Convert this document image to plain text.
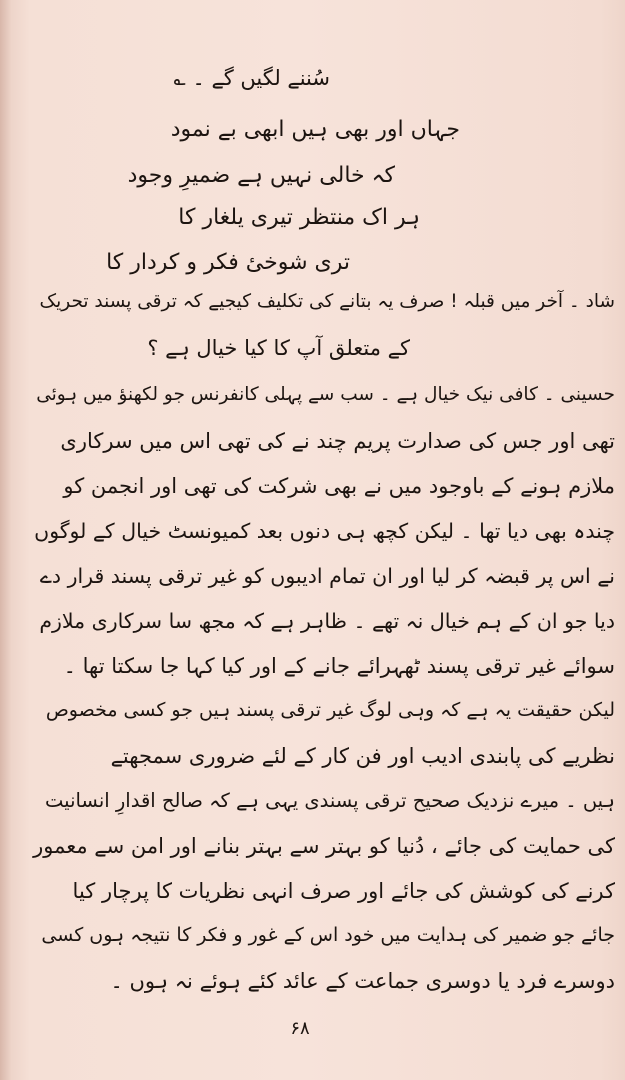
سُننے لگیں گے ۔ ؎
جہاں اور بھی ہیں ابھی بے نمود
کہ خالی نہیں ہے ضمیرِ وجود
ہر اک منتظر تیری یلغار کا
تری شوخیٔ فکر و کردار کا
شاد ۔ آخر میں قبلہ ! صرف یہ بتانے کی تکلیف کیجیے کہ ترقی پسند تحریک
کے متعلق آپ کا کیا خیال ہے ؟
حسینی ۔ کافی نیک خیال ہے ۔ سب سے پہلی کانفرنس جو لکھنؤ میں ہوئی
تھی اور جس کی صدارت پریم چند نے کی تھی اس میں سرکاری
ملازم ہونے کے باوجود میں نے بھی شرکت کی تھی اور انجمن کو
چندہ بھی دیا تھا ۔ لیکن کچھ ہی دنوں بعد کمیونسٹ خیال کے لوگوں
نے اس پر قبضہ کر لیا اور ان تمام ادیبوں کو غیر ترقی پسند قرار دے
دیا جو ان کے ہم خیال نہ تھے ۔ ظاہر ہے کہ مجھ سا سرکاری ملازم
سوائے غیر ترقی پسند ٹھہرائے جانے کے اور کیا کہا جا سکتا تھا ۔
لیکن حقیقت یہ ہے کہ وہی لوگ غیر ترقی پسند ہیں جو کسی مخصوص
نظریے کی پابندی ادیب اور فن کار کے لئے ضروری سمجھتے
ہیں ۔ میرے نزدیک صحیح ترقی پسندی یہی ہے کہ صالح اقدارِ انسانیت
کی حمایت کی جائے ، دُنیا کو بہتر سے بہتر بنانے اور امن سے معمور
کرنے کی کوشش کی جائے اور صرف انہی نظریات کا پرچار کیا
جائے جو ضمیر کی ہدایت میں خود اس کے غور و فکر کا نتیجہ ہوں کسی
دوسرے فرد یا دوسری جماعت کے عائد کئے ہوئے نہ ہوں ۔
۶۸
